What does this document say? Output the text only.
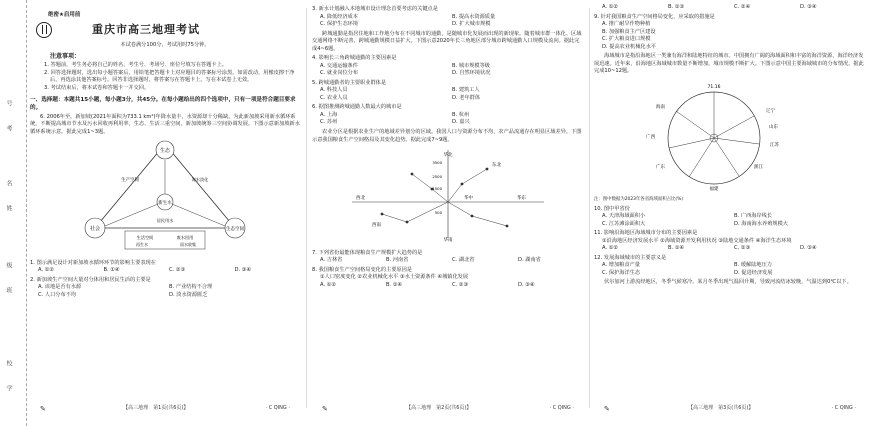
号
考
名
姓
级
班
校
学
绝密★启用前
重庆市高三地理考试

本试卷满分100分，考试用时75分钟。

注意事项：

1. 答题前，考生务必将自己的姓名、考生号、考场号、座位号填写在答题卡上。

2. 回答选择题时，选出每小题答案后，用铅笔把答题卡上对应题目的答案标号涂黑。如需改动，用橡皮擦干净后，再选涂其他答案标号。回答非选择题时，将答案写在答题卡上。写在本试卷上无效。

3. 考试结束后，将本试卷和答题卡一并交回。

一、选择题：本题共15小题，每小题3分，共45分。在每小题给出的四个选项中，只有一项是符合题目要求的。

6. 2006年至，新加坡(2021年面积为733.1 km²)年降水量丰，水资源却十分稀缺。为此新加坡采用新水循环系统，不断提高城市节水及污水回收再利用率，生态、生活三重空间，新加坡统筹三空间协调发展。下图示意新加坡新水循环系统示意。据此完成1~3题。

生态
社会	生态空间
生产空间
新生水
生活空间	废水回用
再生水	雨水收集
海水淡化
居民用水

1. 图示满足设计对新加坡水循环环节的影响主要表现在

A. ①②	B. ①④	C. ②③	D. ③④

2. 新加坡生产空间大量对分体用和居民生活的主要是

A. 该地是否有水源	B. 产业结构不合理
C. 人口分布不均	D. 淡水资源匮乏
✎	【高三地理　第1页(共6页)】	· C QING ·

3. 新水计划融入本地城市设计理念首要考虑的关键点是

A. 降低经济成本	B. 提高水资源质量
C. 保护生态环境	D. 扩大城市规模

跨城通勤是指居住地和工作地分布在不同城市的通勤，是随城市化发展而出现的新现象。随着城市群一体化、区域交通网络不断完善，跨城通勤规模日益扩大。下图示意2020年长三角地区部分城市跨城通勤人口规模及流向。据此完成4~6题。

4. 影响长三角跨城通勤的主要因素是

A. 交通运输条件	B. 城市规模等级
C. 就业岗位分布	D. 自然环境状况

5. 跨城通勤者的主要职业群体是

A. 科技人员	B. 建筑工人
C. 农业人员	D. 老年群体

6. 据图推测跨城通勤人数最大的城市是

A. 上海	B. 杭州
C. 苏州	D. 嘉兴

农业分区是根据农业生产的地域差异划分的区域。我国人口与资源分布不均，农产品流通存在明显区域差异。下图示意我国粮食生产空间格局及其变化趋势。据此完成7~9题。

华北
东北
华南
华中
西北
西南
华东
3500
2500
1500
500

7. 下列省份最能体现粮食生产规模扩大趋势的是

A. 吉林省	B. 河南省	C. 湖北省	D. 湖南省

8. 我国粮食生产空间格局变化的主要原因是

①人口密度变化 ②农业机械化水平 ③水土资源条件 ④城镇化发展

A. ①②	B. ①④	C. ②③	D. ③④
✎	【高三地理　第2页(共6页)】	· C QING ·
A. ①②	B. ①③	C. ②④	D. ③④

9. 针对我国粮食生产空间格局变化，应采取的措施是

A. 推广耐旱作物种植

B. 加强粮食主产区建设

C. 扩大粮食进口规模

D. 提高农业机械化水平

海域城市是指沿海地区一类兼有海洋和陆地特征的城市。中国拥有广阔的海域面积和丰富的海洋资源，海洋经济发展迅速。近年来，沿海地区海域城市数量不断增加，城市规模不断扩大。下图示意中国主要海域城市的分布情况。据此完成10~12题。

71.16
辽宁
山东
江苏
浙江
福建
广东
广西
海南

注：图中数据为2023年各省海域面积占比(%)

10. 图中甲省份

A. 天津海域面积小	B. 广西海岸线长
C. 江苏滩涂面积大	D. 海南海水养殖规模大

11. 影响沿海地区海域城市分布的主要因素是

①沿海地区经济发展水平 ②海域资源开发利用状况 ③陆地交通条件 ④海洋生态环境

A. ①②	B. ①④	C. ②③	D. ③④

12. 发展海域城市的主要意义是

A. 增加粮食产量	B. 缓解陆地压力
C. 保护海洋生态	D. 促进经济发展

伏尔加河上游流经地区，冬季气候寒冷。某月冬季出现气温回升期，导致河流结冰较晚，气温达到0℃以下。

✎	【高三地理　第3页(共6页)】	· C QING ·
